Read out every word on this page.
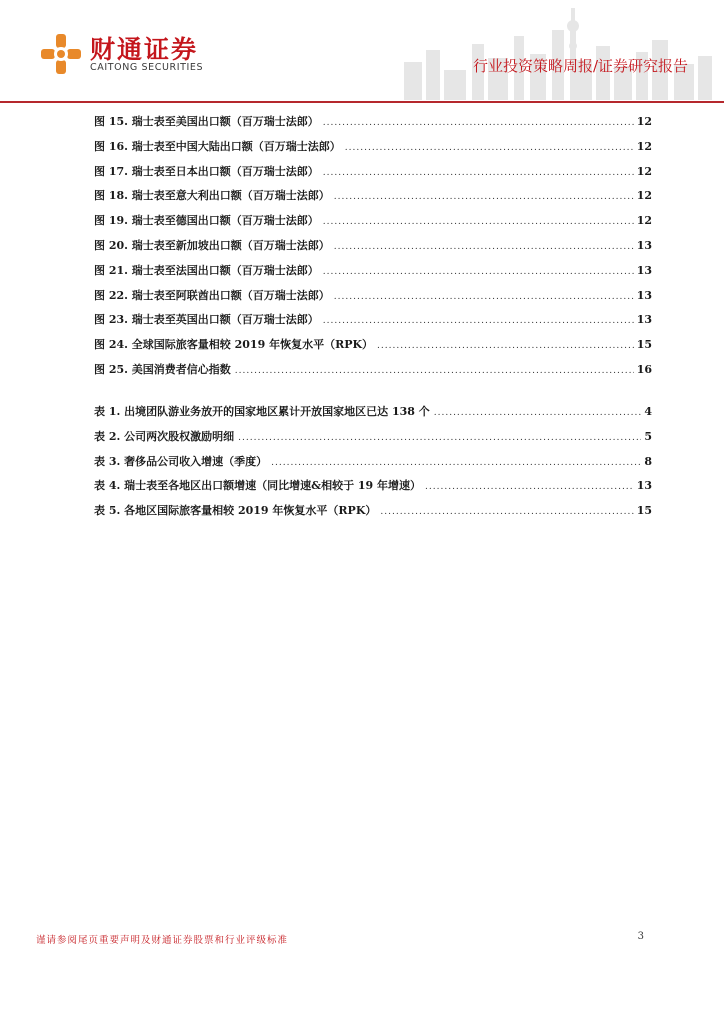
财通证券
CAITONG SECURITIES	行业投资策略周报/证券研究报告
图 15. 瑞士表至美国出口额（百万瑞士法郎） .....	12
图 16. 瑞士表至中国大陆出口额（百万瑞士法郎） .....	12
图 17. 瑞士表至日本出口额（百万瑞士法郎） .....	12
图 18. 瑞士表至意大利出口额（百万瑞士法郎） .....	12
图 19. 瑞士表至德国出口额（百万瑞士法郎） .....	12
图 20. 瑞士表至新加坡出口额（百万瑞士法郎） .....	13
图 21. 瑞士表至法国出口额（百万瑞士法郎） .....	13
图 22. 瑞士表至阿联酋出口额（百万瑞士法郎） .....	13
图 23. 瑞士表至英国出口额（百万瑞士法郎） .....	13
图 24. 全球国际旅客量相较 2019 年恢复水平（RPK） .....	15
图 25. 美国消费者信心指数 .....	16
表 1. 出境团队游业务放开的国家地区累计开放国家地区已达 138 个 .....	4
表 2. 公司两次股权激励明细 .....	5
表 3. 奢侈品公司收入增速（季度） .....	8
表 4. 瑞士表至各地区出口额增速（同比增速&相较于 19 年增速） .....	13
表 5. 各地区国际旅客量相较 2019 年恢复水平（RPK） .....	15
谨请参阅尾页重要声明及财通证券股票和行业评级标准	3
